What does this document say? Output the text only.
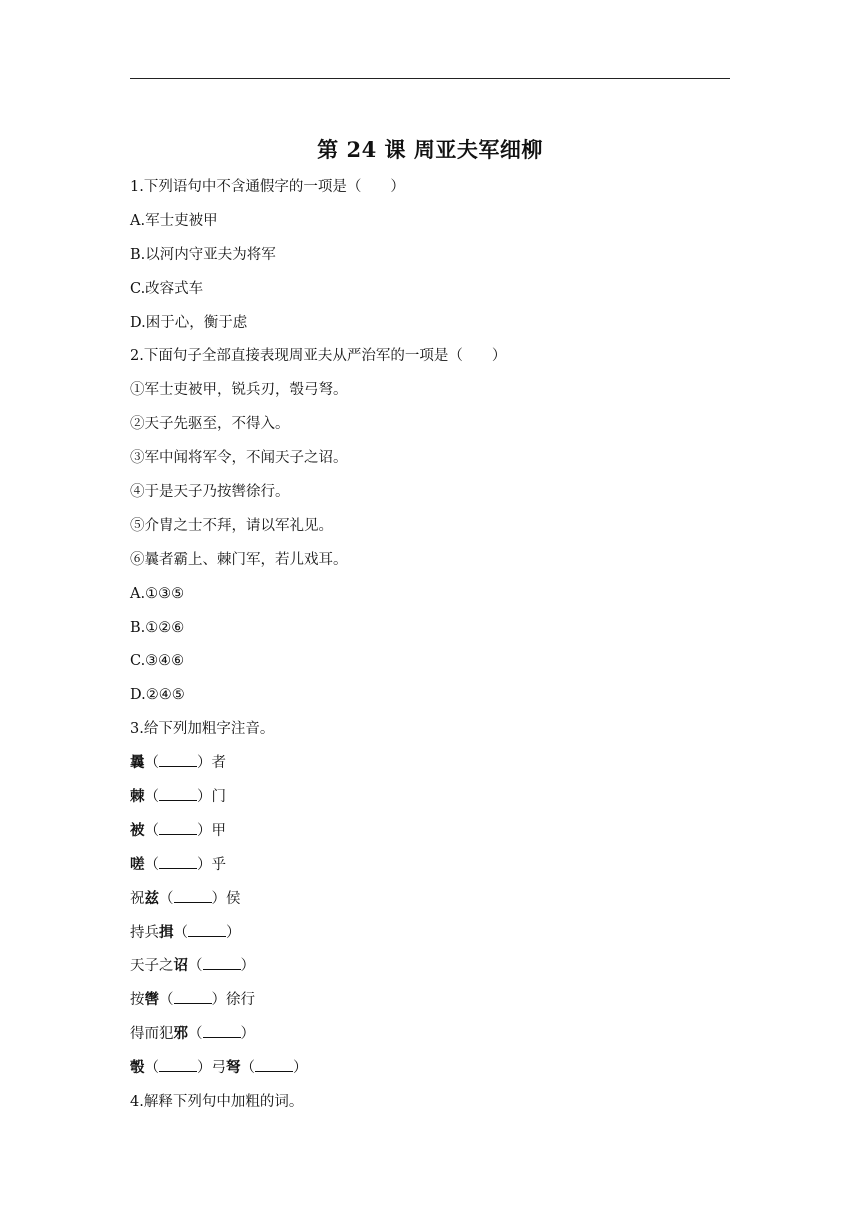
第 24 课 周亚夫军细柳
1.下列语句中不含通假字的一项是（　　）
A.军士吏被甲
B.以河内守亚夫为将军
C.改容式车
D.困于心，衡于虑
2.下面句子全部直接表现周亚夫从严治军的一项是（　　）
①军士吏被甲，锐兵刃，彀弓弩。
②天子先驱至，不得入。
③军中闻将军令，不闻天子之诏。
④于是天子乃按辔徐行。
⑤介胄之士不拜，请以军礼见。
⑥曩者霸上、棘门军，若儿戏耳。
A.①③⑤
B.①②⑥
C.③④⑥
D.②④⑤
3.给下列加粗字注音。
曩（	）者
棘（	）门
被（	）甲
嗟（	）乎
祝兹（	）侯
持兵揖（	）
天子之诏（	）
按辔（	）徐行
得而犯邪（	）
彀（	）弓弩（	）
4.解释下列句中加粗的词。
